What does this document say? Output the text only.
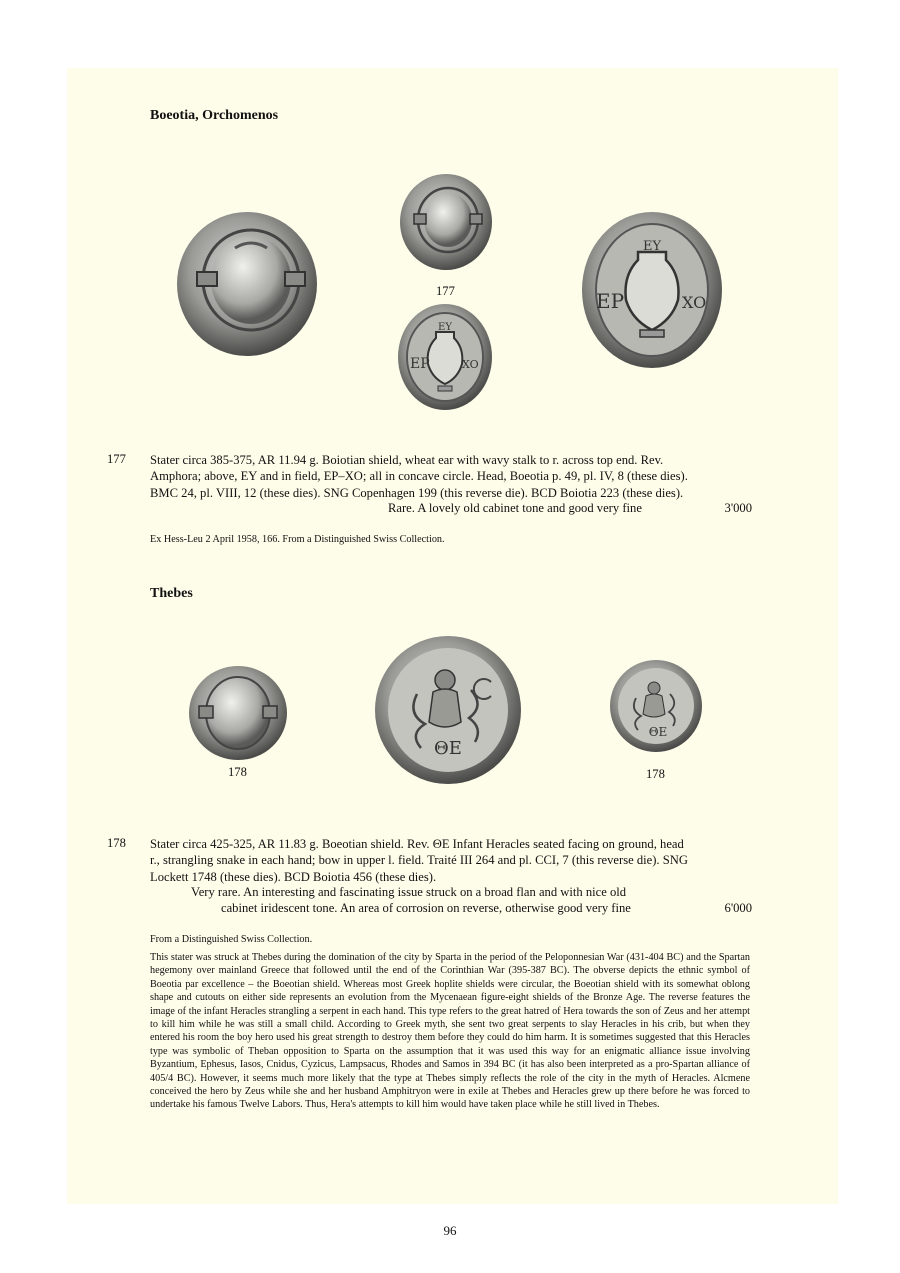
Boeotia, Orchomenos
177
EY
EP	XO
EY
EP	XO
177 Stater circa 385-375, AR 11.94 g. Boiotian shield, wheat ear with wavy stalk to r. across top end. Rev.
Amphora; above, EY and in field, EP–XO; all in concave circle. Head, Boeotia p. 49, pl. IV, 8 (these dies).
BMC 24, pl. VIII, 12 (these dies). SNG Copenhagen 199 (this reverse die). BCD Boiotia 223 (these dies).
Rare. A lovely old cabinet tone and good very fine	3'000
Ex Hess-Leu 2 April 1958, 166. From a Distinguished Swiss Collection.
Thebes
178
ΘE
ΘE
178
178 Stater circa 425-325, AR 11.83 g. Boeotian shield. Rev. ΘE Infant Heracles seated facing on ground, head
r., strangling snake in each hand; bow in upper l. field. Traité III 264 and pl. CCI, 7 (this reverse die). SNG
Lockett 1748 (these dies). BCD Boiotia 456 (these dies).
Very rare. An interesting and fascinating issue struck on a broad flan and with nice old
cabinet iridescent tone. An area of corrosion on reverse, otherwise good very fine	6'000
From a Distinguished Swiss Collection.
This stater was struck at Thebes during the domination of the city by Sparta in the period of the Peloponnesian War (431-404 BC) and the Spartan hegemony over mainland Greece that followed until the end of the Corinthian War (395-387 BC). The obverse depicts the ethnic symbol of Boeotia par excellence – the Boeotian shield. Whereas most Greek hoplite shields were circular, the Boeotian shield with its somewhat oblong shape and cutouts on either side represents an evolution from the Mycenaean figure-eight shields of the Bronze Age. The reverse features the image of the infant Heracles strangling a serpent in each hand. This type refers to the great hatred of Hera towards the son of Zeus and her attempt to kill him while he was still a small child. According to Greek myth, she sent two great serpents to slay Heracles in his crib, but when they entered his room the boy hero used his great strength to destroy them before they could do him harm. It is sometimes suggested that this Heracles type was symbolic of Theban opposition to Sparta on the assumption that it was used this way for an enigmatic alliance issue involving Byzantium, Ephesus, Iasos, Cnidus, Cyzicus, Lampsacus, Rhodes and Samos in 394 BC (it has also been interpreted as a pro-Spartan alliance of 405/4 BC). However, it seems much more likely that the type at Thebes simply reflects the role of the city in the myth of Heracles. Alcmene conceived the hero by Zeus while she and her husband Amphitryon were in exile at Thebes and Heracles grew up there before he was forced to undertake his famous Twelve Labors. Thus, Hera's attempts to kill him would have taken place while he still lived in Thebes.
96
